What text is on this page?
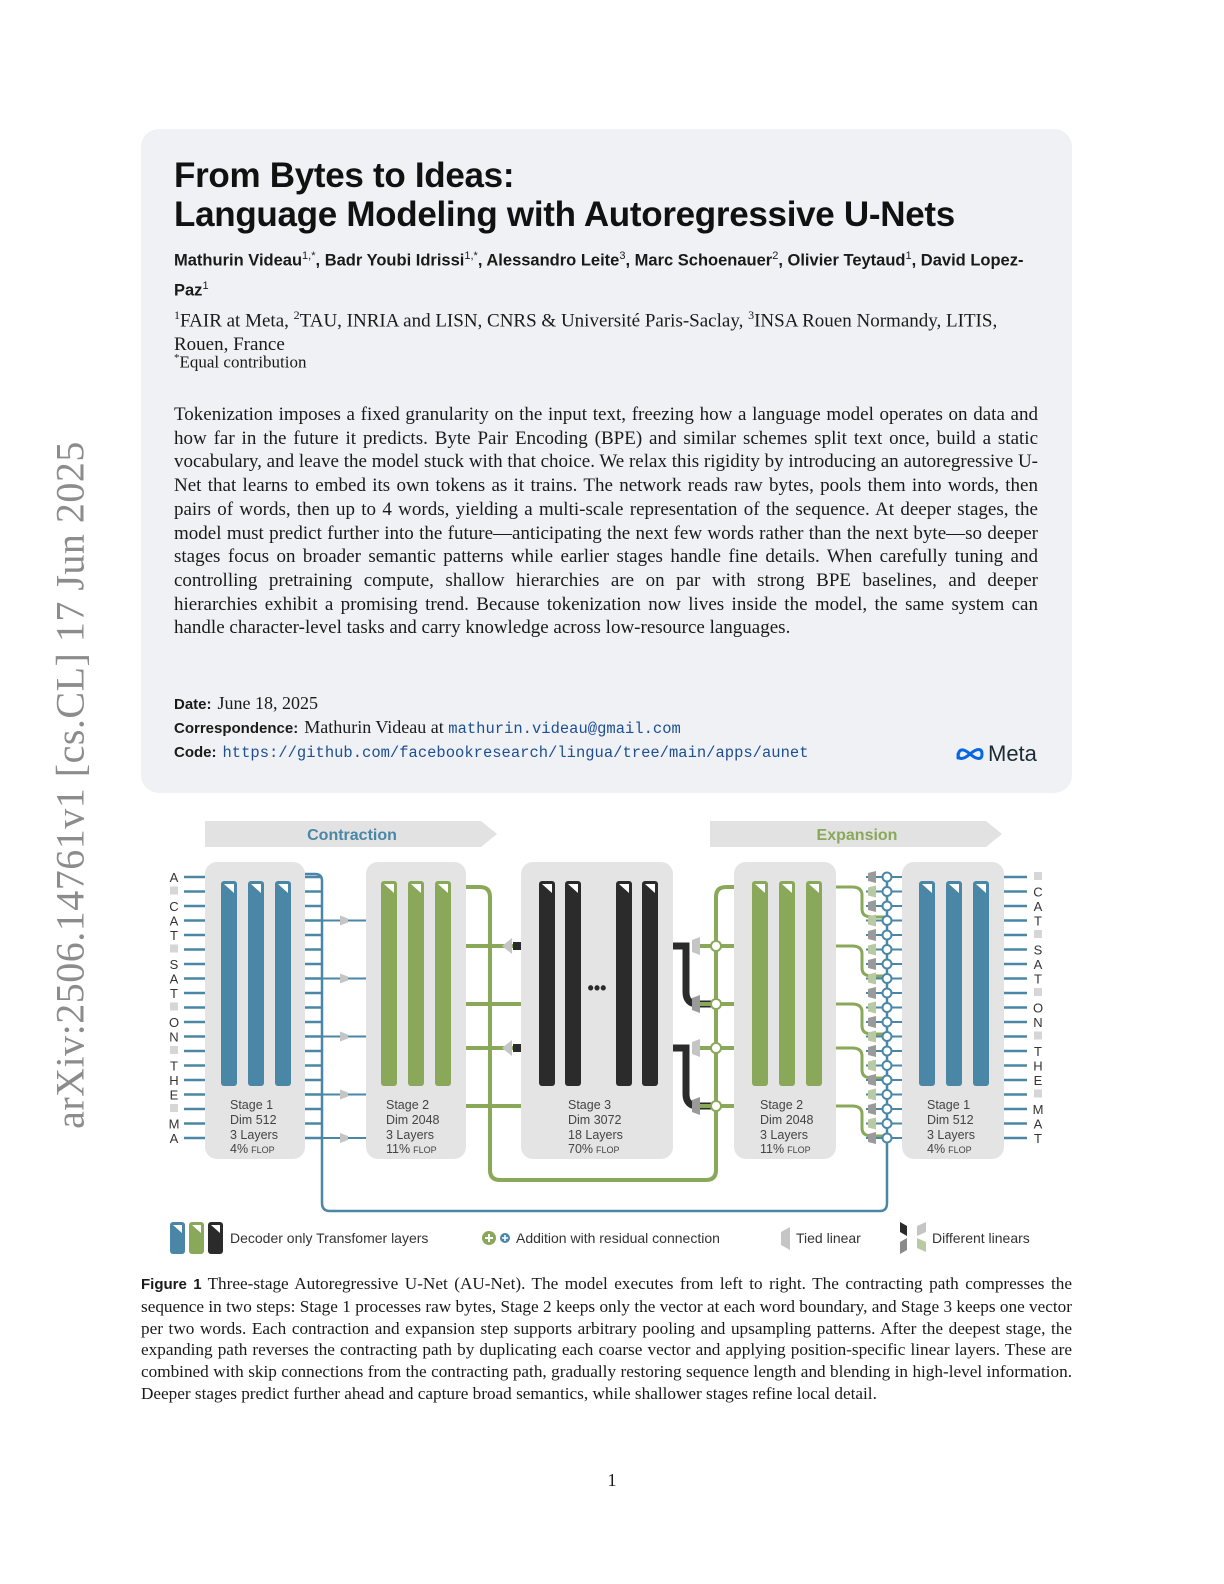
arXiv:2506.14761v1 [cs.CL] 17 Jun 2025
From Bytes to Ideas:
Language Modeling with Autoregressive U-Nets
Mathurin Videau$^{1,*}$, Badr Youbi Idrissi$^{1,*}$, Alessandro Leite$^3$, Marc Schoenauer$^2$, Olivier Teytaud$^1$, David Lopez-Paz$^1$
$^1$FAIR at Meta, $^2$TAU, INRIA and LISN, CNRS & Université Paris-Saclay, $^3$INSA Rouen Normandy, LITIS, Rouen, France
*Equal contribution
Tokenization imposes a fixed granularity on the input text, freezing how a language model operates on data and how far in the future it predicts. Byte Pair Encoding (BPE) and similar schemes split text once, build a static vocabulary, and leave the model stuck with that choice. We relax this rigidity by introducing an autoregressive U-Net that learns to embed its own tokens as it trains. The network reads raw bytes, pools them into words, then pairs of words, then up to 4 words, yielding a multi-scale representation of the sequence. At deeper stages, the model must predict further into the future—anticipating the next few words rather than the next byte—so deeper stages focus on broader semantic patterns while earlier stages handle fine details. When carefully tuning and controlling pretraining compute, shallow hierarchies are on par with strong BPE baselines, and deeper hierarchies exhibit a promising trend. Because tokenization now lives inside the model, the same system can handle character-level tasks and carry knowledge across low-resource languages.
Date: June 18, 2025
Correspondence: Mathurin Videau at mathurin.videau@gmail.com
Code: https://github.com/facebookresearch/lingua/tree/main/apps/aunet	Meta
Contraction	Expansion
•••
A
C
A
T
S
A
T
O
N
T
H
E
M
A
C
A
T
S
A
T
O
N
T
H
E
M
A
T
Stage 1
Dim 512
3 Layers
4% FLOP
Stage 2
Dim 2048
3 Layers
11% FLOP
Stage 3
Dim 3072
18 Layers
70% FLOP
Stage 2
Dim 2048
3 Layers
11% FLOP
Stage 1
Dim 512
3 Layers
4% FLOP
Decoder only Transfomer layers	Addition with residual connection	Tied linear	Different linears
Figure 1 Three-stage Autoregressive U-Net (AU-Net). The model executes from left to right. The contracting path compresses the sequence in two steps: Stage 1 processes raw bytes, Stage 2 keeps only the vector at each word boundary, and Stage 3 keeps one vector per two words. Each contraction and expansion step supports arbitrary pooling and upsampling patterns. After the deepest stage, the expanding path reverses the contracting path by duplicating each coarse vector and applying position-specific linear layers. These are combined with skip connections from the contracting path, gradually restoring sequence length and blending in high-level information. Deeper stages predict further ahead and capture broad semantics, while shallower stages refine local detail.
1
